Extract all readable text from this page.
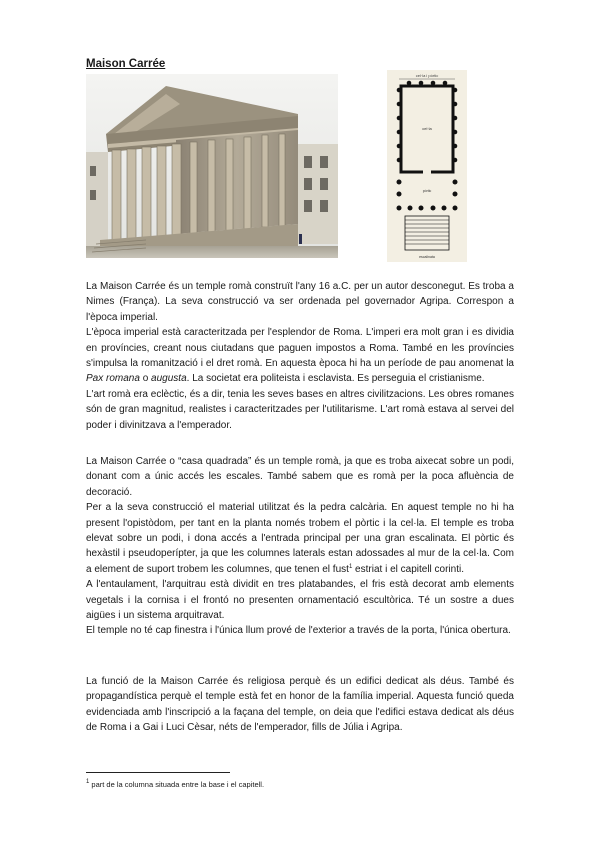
Maison Carrée
cel·la i pòrtic
cel·la
pòrtic
escalinata

La Maison Carrée és un temple romà construït l'any 16 a.C. per un autor desconegut. Es troba a Nimes (França). La seva construcció va ser ordenada pel governador Agripa. Correspon a l'època imperial.

L'època imperial està caracteritzada per l'esplendor de Roma. L'imperi era molt gran i es dividia en províncies, creant nous ciutadans que paguen impostos a Roma. També en les províncies s'impulsa la romanització i el dret romà. En aquesta època hi ha un període de pau anomenat la Pax romana o augusta. La societat era politeista i esclavista. Es perseguia el cristianisme.

L'art romà era eclèctic, és a dir, tenia les seves bases en altres civilitzacions. Les obres romanes són de gran magnitud, realistes i caracteritzades per l'utilitarisme. L'art romà estava al servei del poder i divinitzava a l'emperador.

La Maison Carrée o “casa quadrada” és un temple romà, ja que es troba aixecat sobre un podi, donant com a únic accés les escales. També sabem que es romà per la poca afluència de decoració.

Per a la seva construcció el material utilitzat és la pedra calcària. En aquest temple no hi ha present l'opistòdom, per tant en la planta només trobem el pòrtic i la cel·la. El temple es troba elevat sobre un podi, i dona accés a l'entrada principal per una gran escalinata. El pòrtic és hexàstil i pseudoperípter, ja que les columnes laterals estan adossades al mur de la cel·la. Com a element de suport trobem les columnes, que tenen el fust$^1$ estriat i el capitell corinti.

A l'entaulament, l'arquitrau està dividit en tres platabandes, el fris està decorat amb elements vegetals i la cornisa i el frontó no presenten ornamentació escultòrica. Té un sostre a dues aigües i un sistema arquitravat.

El temple no té cap finestra i l'única llum prové de l'exterior a través de la porta, l'única obertura.

La funció de la Maison Carrée és religiosa perquè és un edifici dedicat als déus. També és propagandística perquè el temple està fet en honor de la família imperial. Aquesta funció queda evidenciada amb l'inscripció a la façana del temple, on deia que l'edifici estava dedicat als déus de Roma i a Gai i Luci Cèsar, néts de l'emperador, fills de Júlia i Agripa.

$^1$ part de la columna situada entre la base i el capitell.
